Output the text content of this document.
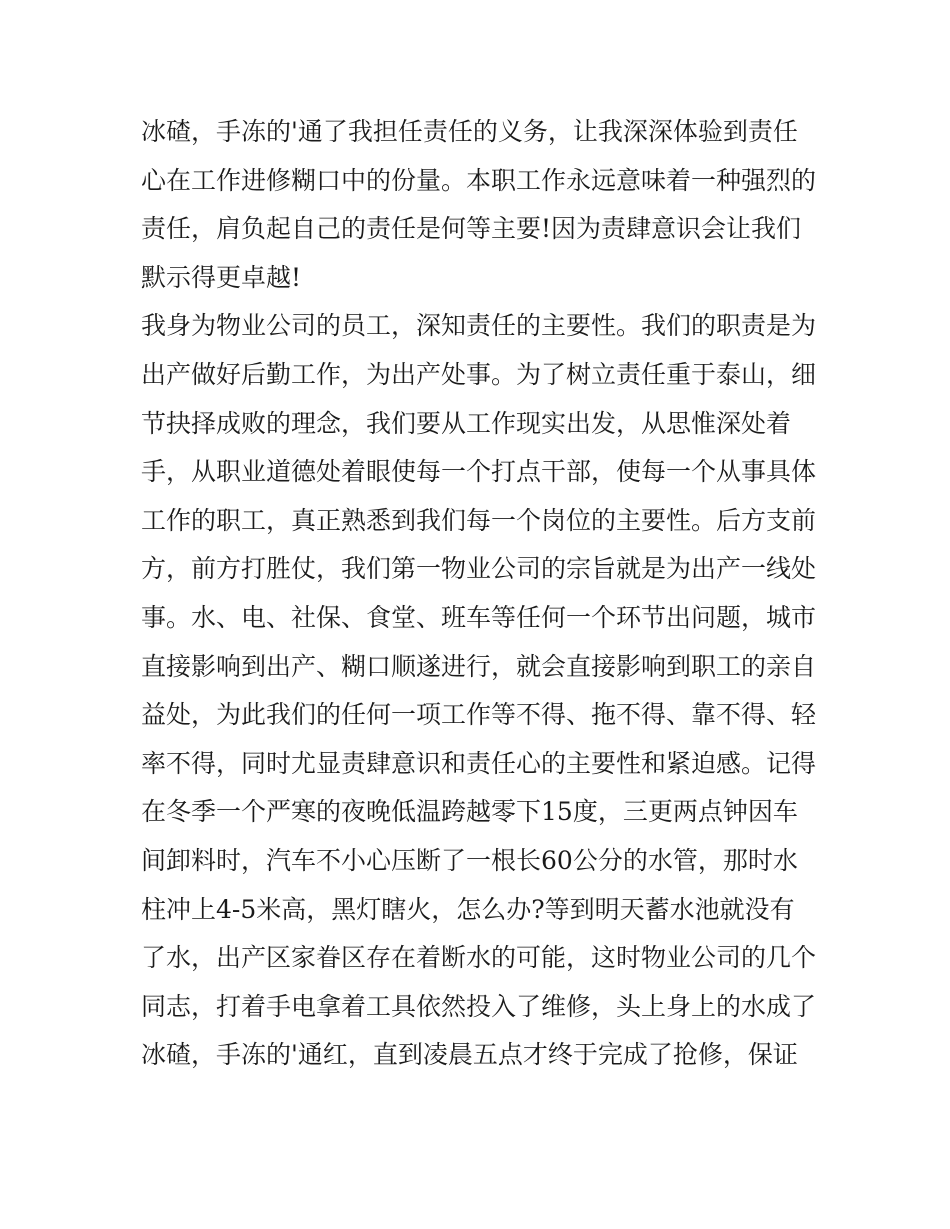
冰碴，手冻的'通了我担任责任的义务，让我深深体验到责任
心在工作进修糊口中的份量。本职工作永远意味着一种强烈的
责任，肩负起自己的责任是何等主要!因为责肆意识会让我们
默示得更卓越!
我身为物业公司的员工，深知责任的主要性。我们的职责是为
出产做好后勤工作，为出产处事。为了树立责任重于泰山，细
节抉择成败的理念，我们要从工作现实出发，从思惟深处着
手，从职业道德处着眼使每一个打点干部，使每一个从事具体
工作的职工，真正熟悉到我们每一个岗位的主要性。后方支前
方，前方打胜仗，我们第一物业公司的宗旨就是为出产一线处
事。水、电、社保、食堂、班车等任何一个环节出问题，城市
直接影响到出产、糊口顺遂进行，就会直接影响到职工的亲自
益处，为此我们的任何一项工作等不得、拖不得、靠不得、轻
率不得，同时尤显责肆意识和责任心的主要性和紧迫感。记得
在冬季一个严寒的夜晚低温跨越零下15度，三更两点钟因车
间卸料时，汽车不小心压断了一根长60公分的水管，那时水
柱冲上4-5米高，黑灯瞎火，怎么办?等到明天蓄水池就没有
了水，出产区家眷区存在着断水的可能，这时物业公司的几个
同志，打着手电拿着工具依然投入了维修，头上身上的水成了
冰碴，手冻的'通红，直到凌晨五点才终于完成了抢修，保证
